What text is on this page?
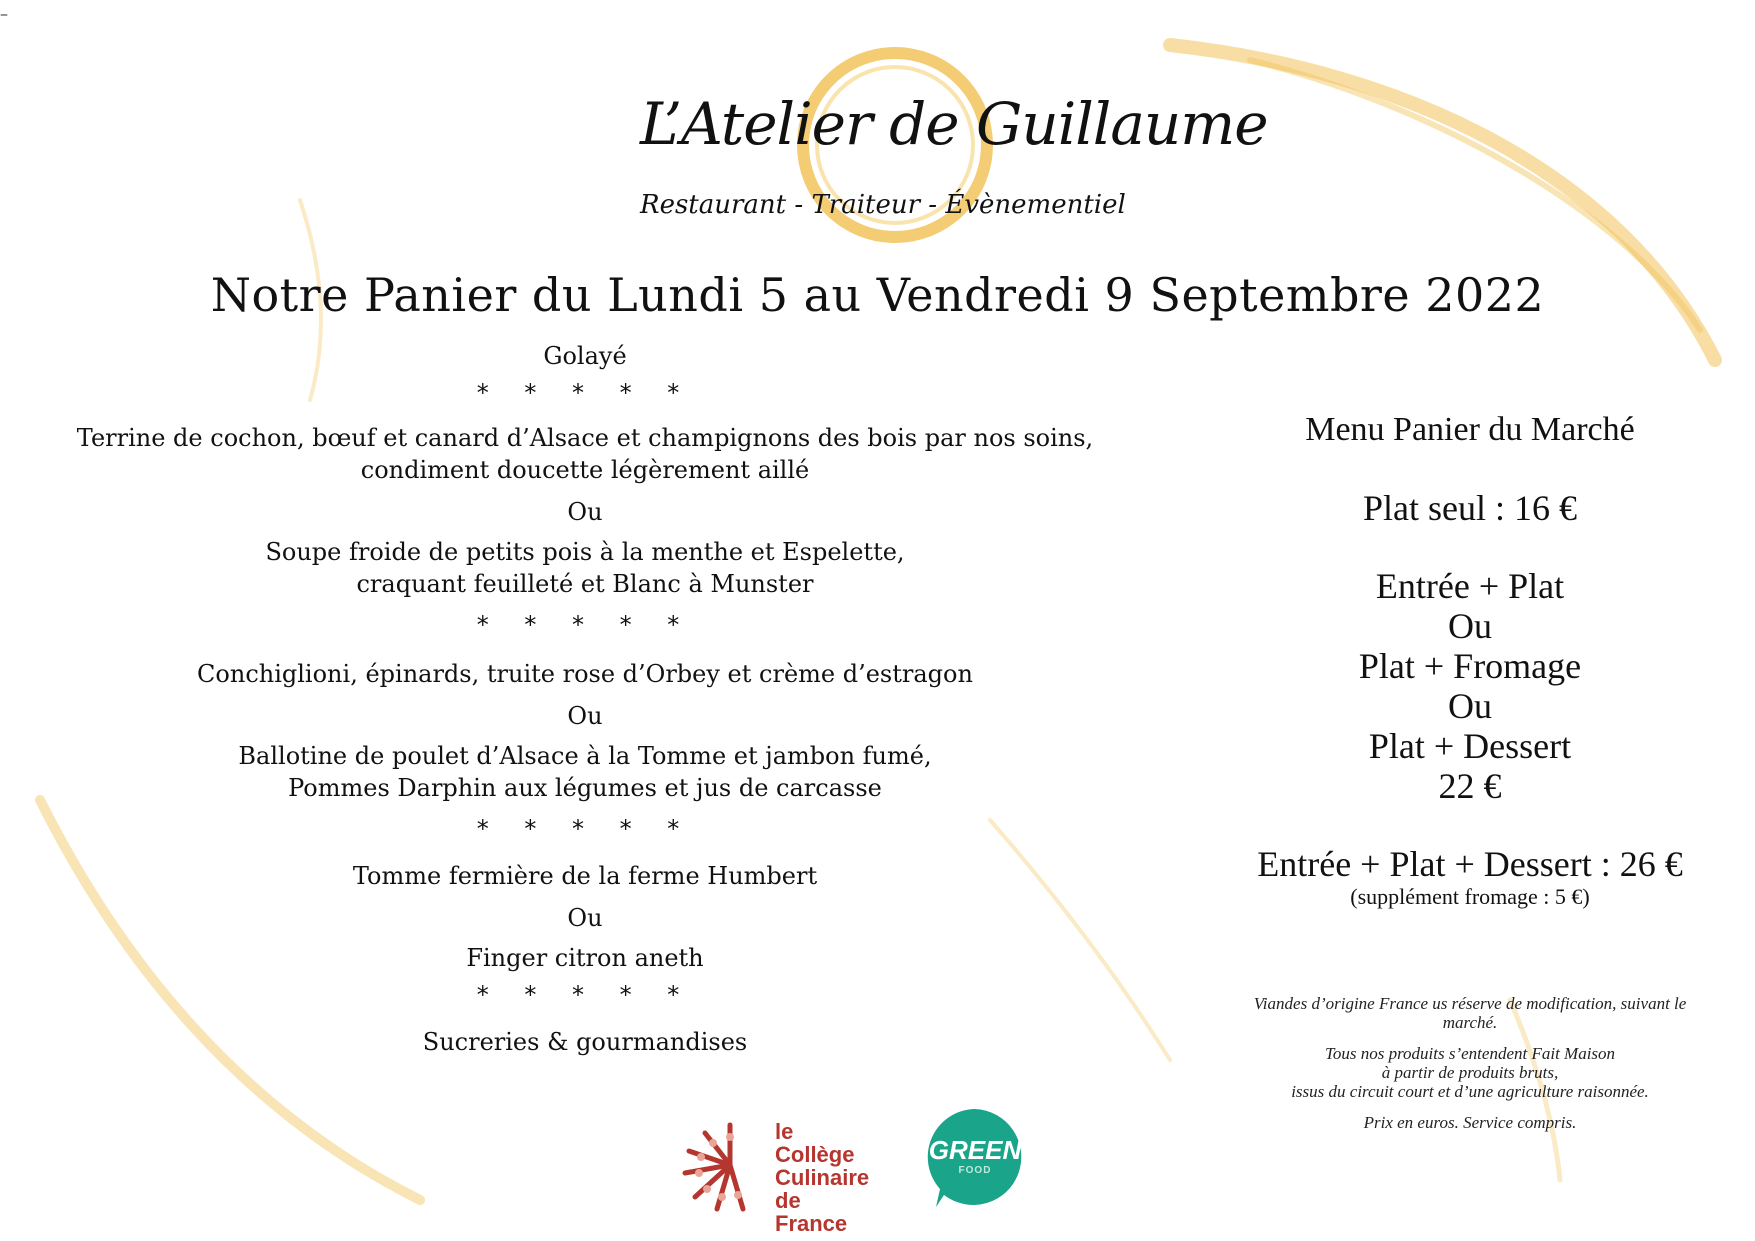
–
L’Atelier de Guillaume
Restaurant - Traiteur - Évènementiel
Notre Panier du Lundi 5 au Vendredi 9 Septembre 2022
Golayé
* * * * *
Terrine de cochon, bœuf et canard d’Alsace et champignons des bois par nos soins,
condiment doucette légèrement aillé
Ou
Soupe froide de petits pois à la menthe et Espelette,
craquant feuilleté et Blanc à Munster
* * * * *
Conchiglioni, épinards, truite rose d’Orbey et crème d’estragon
Ou
Ballotine de poulet d’Alsace à la Tomme et jambon fumé,
Pommes Darphin aux légumes et jus de carcasse
* * * * *
Tomme fermière de la ferme Humbert
Ou
Finger citron aneth
* * * * *
Sucreries & gourmandises
Menu Panier du Marché
Plat seul : 16 €
Entrée + Plat
Ou
Plat + Fromage
Ou
Plat + Dessert
22 €
Entrée + Plat + Dessert : 26 €
(supplément fromage : 5 €)
Viandes d’origine France us réserve de modification, suivant le
marché.
Tous nos produits s’entendent Fait Maison
à partir de produits bruts,
issus du circuit court et d’une agriculture raisonnée.
Prix en euros. Service compris.
le Collège
Culinaire
de France
GREEN
FOOD
